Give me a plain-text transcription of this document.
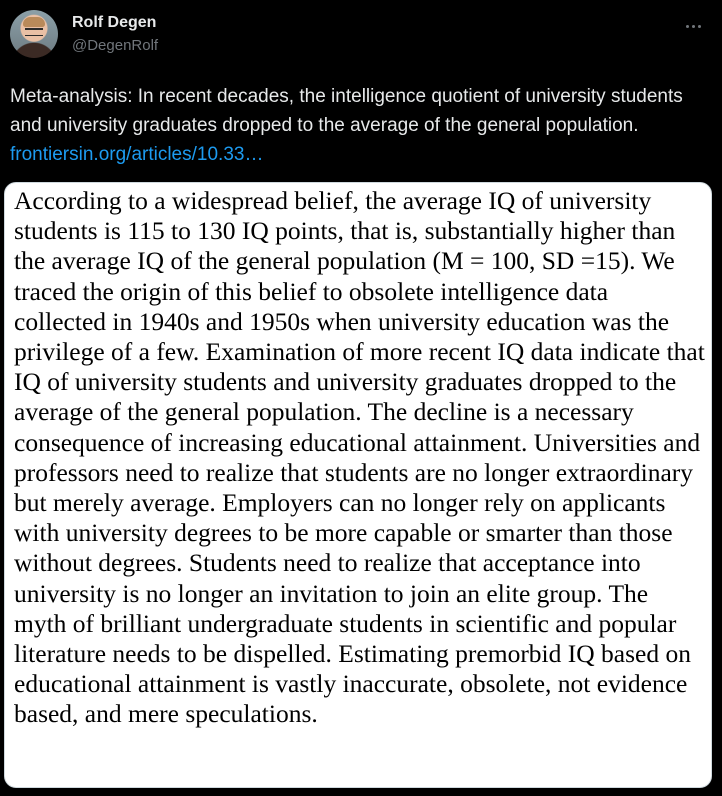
Rolf Degen
@DegenRolf
Meta-analysis: In recent decades, the intelligence quotient of university students and university graduates dropped to the average of the general population. frontiersin.org/articles/10.33…

According to a widespread belief, the average IQ of university students is 115 to 130 IQ points, that is, substantially higher than the average IQ of the general population (M = 100, SD =15). We traced the origin of this belief to obsolete intelligence data collected in 1940s and 1950s when university education was the privilege of a few. Examination of more recent IQ data indicate that IQ of university students and university graduates dropped to the average of the general population. The decline is a necessary consequence of increasing educational attainment. Universities and professors need to realize that students are no longer extraordinary but merely average. Employers can no longer rely on applicants with university degrees to be more capable or smarter than those without degrees. Students need to realize that acceptance into university is no longer an invitation to join an elite group. The myth of brilliant undergraduate students in scientific and popular literature needs to be dispelled. Estimating premorbid IQ based on educational attainment is vastly inaccurate, obsolete, not evidence based, and mere speculations.
